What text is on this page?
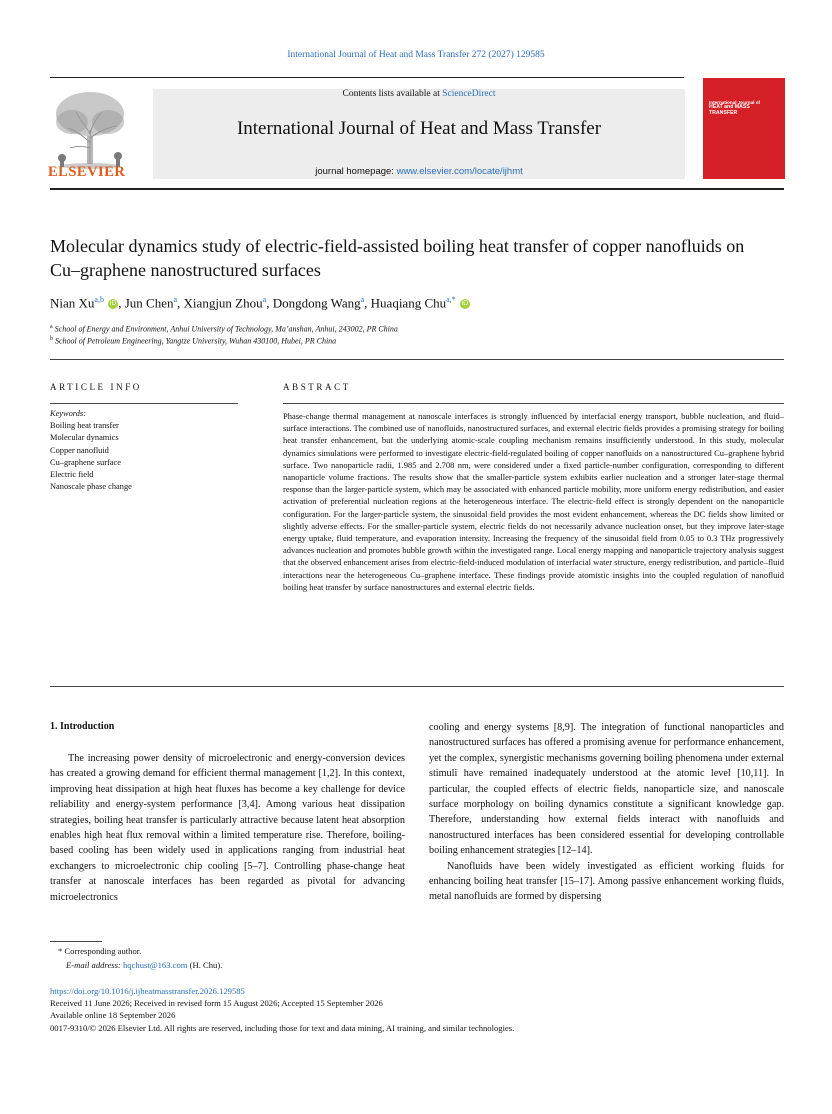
International Journal of Heat and Mass Transfer 272 (2027) 129585
ELSEVIER
Contents lists available at ScienceDirect
International Journal of Heat and Mass Transfer
journal homepage: www.elsevier.com/locate/ijhmt
International Journal of
HEAT and MASS
TRANSFER
Molecular dynamics study of electric-field-assisted boiling heat transfer of copper nanofluids on Cu–graphene nanostructured surfaces
Nian Xu$^{a,b}$ iD , Jun Chen$^a$, Xiangjun Zhou$^a$, Dongdong Wang$^a$, Huaqiang Chu$^{a,*}$ iD
$^a$ School of Energy and Environment, Anhui University of Technology, Ma’anshan, Anhui, 243002, PR China
$^b$ School of Petroleum Engineering, Yangtze University, Wuhan 430100, Hubei, PR China
ARTICLE INFO
Keywords:
Boiling heat transfer
Molecular dynamics
Copper nanofluid
Cu–graphene surface
Electric field
Nanoscale phase change
ABSTRACT
Phase-change thermal management at nanoscale interfaces is strongly influenced by interfacial energy transport, bubble nucleation, and fluid–surface interactions. The combined use of nanofluids, nanostructured surfaces, and external electric fields provides a promising strategy for boiling heat transfer enhancement, but the underlying atomic-scale coupling mechanism remains insufficiently understood. In this study, molecular dynamics simulations were performed to investigate electric-field-regulated boiling of copper nanofluids on a nanostructured Cu–graphene hybrid surface. Two nanoparticle radii, 1.985 and 2.708 nm, were considered under a fixed particle-number configuration, corresponding to different nanoparticle volume fractions. The results show that the smaller-particle system exhibits earlier nucleation and a stronger later-stage thermal response than the larger-particle system, which may be associated with enhanced particle mobility, more uniform energy redistribution, and easier activation of preferential nucleation regions at the heterogeneous interface. The electric-field effect is strongly dependent on the nanoparticle configuration. For the larger-particle system, the sinusoidal field provides the most evident enhancement, whereas the DC fields show limited or slightly adverse effects. For the smaller-particle system, electric fields do not necessarily advance nucleation onset, but they improve later-stage energy uptake, fluid temperature, and evaporation intensity. Increasing the frequency of the sinusoidal field from 0.05 to 0.3 THz progressively advances nucleation and promotes bubble growth within the investigated range. Local energy mapping and nanoparticle trajectory analysis suggest that the observed enhancement arises from electric-field-induced modulation of interfacial water structure, energy redistribution, and particle–fluid interactions near the heterogeneous Cu–graphene interface. These findings provide atomistic insights into the coupled regulation of nanofluid boiling heat transfer by surface nanostructures and external electric fields.
1. Introduction

The increasing power density of microelectronic and energy-conversion devices has created a growing demand for efficient thermal management [1,2]. In this context, improving heat dissipation at high heat fluxes has become a key challenge for device reliability and energy-system performance [3,4]. Among various heat dissipation strategies, boiling heat transfer is particularly attractive because latent heat absorption enables high heat flux removal within a limited temperature rise. Therefore, boiling-based cooling has been widely used in applications ranging from industrial heat exchangers to microelectronic chip cooling [5–7]. Controlling phase-change heat transfer at nanoscale interfaces has been regarded as pivotal for advancing microelectronics

cooling and energy systems [8,9]. The integration of functional nanoparticles and nanostructured surfaces has offered a promising avenue for performance enhancement, yet the complex, synergistic mechanisms governing boiling phenomena under external stimuli have remained inadequately understood at the atomic level [10,11]. In particular, the coupled effects of electric fields, nanoparticle size, and nanoscale surface morphology on boiling dynamics constitute a significant knowledge gap. Therefore, understanding how external fields interact with nanofluids and nanostructured interfaces has been considered essential for developing controllable boiling enhancement strategies [12–14].

Nanofluids have been widely investigated as efficient working fluids for enhancing boiling heat transfer [15–17]. Among passive enhancement working fluids, metal nanofluids are formed by dispersing

* Corresponding author.
E-mail address: hqchust@163.com (H. Chu).
https://doi.org/10.1016/j.ijheatmasstransfer.2026.129585
Received 11 June 2026; Received in revised form 15 August 2026; Accepted 15 September 2026
Available online 18 September 2026
0017-9310/© 2026 Elsevier Ltd. All rights are reserved, including those for text and data mining, AI training, and similar technologies.
